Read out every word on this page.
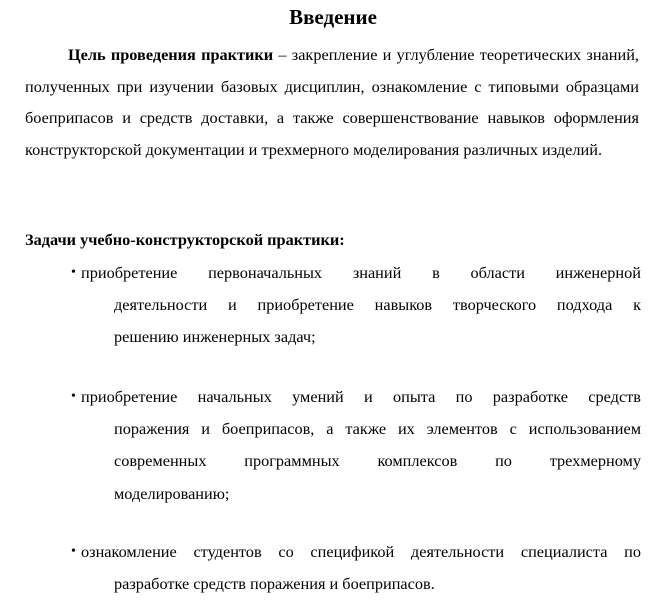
Введение

Цель проведения практики – закрепление и углубление теоретических знаний, полученных при изучении базовых дисциплин, ознакомление с типовыми образцами боеприпасов и средств доставки, а также совершенствование навыков оформления конструкторской документации и трехмерного моделирования различных изделий.

Задачи учебно-конструкторской практики:

• приобретение первоначальных знаний в области инженерной
деятельности и приобретение навыков творческого подхода к
решению инженерных задач;
• приобретение начальных умений и опыта по разработке средств
поражения и боеприпасов, а также их элементов с использованием
современных программных комплексов по трехмерному
моделированию;
• ознакомление студентов со спецификой деятельности специалиста по
разработке средств поражения и боеприпасов.
